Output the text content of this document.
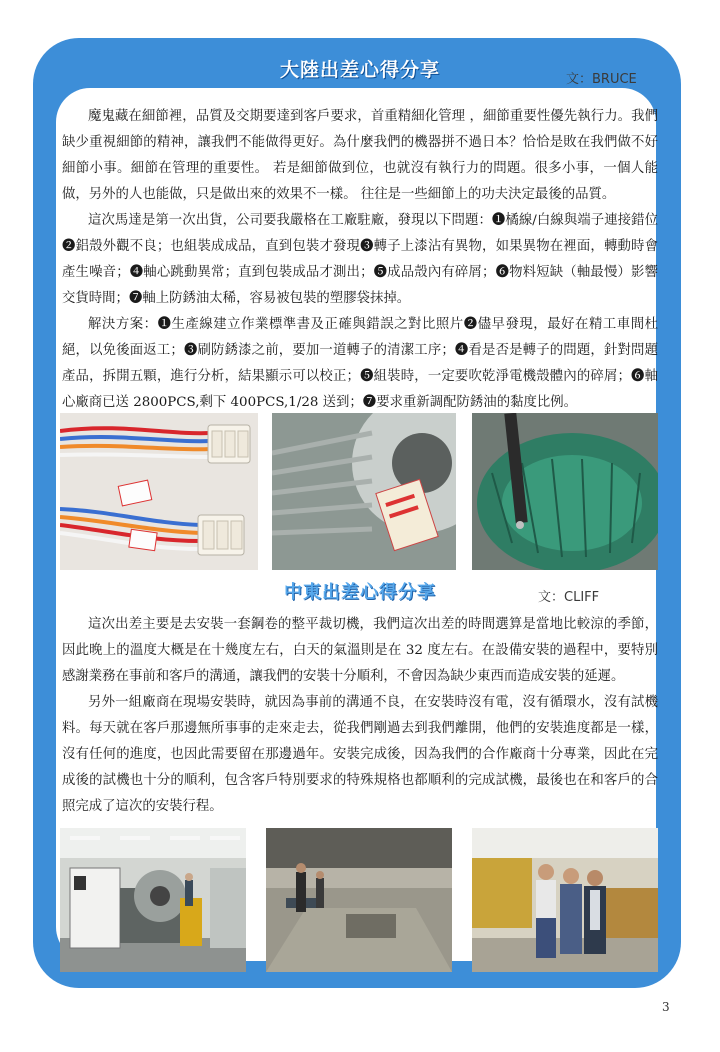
大陸出差心得分享	文：BRUCE

魔鬼藏在細節裡，品質及交期要達到客戶要求，首重精細化管理 ，細節重要性優先執行力。我們缺少重視細節的精神，讓我們不能做得更好。為什麼我們的機器拼不過日本？恰恰是敗在我們做不好細節小事。細節在管理的重要性。 若是細節做到位，也就沒有執行力的問題。很多小事，一個人能做，另外的人也能做，只是做出來的效果不一樣。 往往是一些細節上的功夫決定最後的品質。

這次馬達是第一次出貨，公司要我嚴格在工廠駐廠，發現以下問題：❶橘線/白線與端子連接錯位❷鋁殼外觀不良；也組裝成成品，直到包裝才發現❸轉子上漆沾有異物，如果異物在裡面，轉動時會產生噪音；❹軸心跳動異常；直到包裝成品才測出；❺成品殼內有碎屑；❻物料短缺（軸最慢）影響交貨時間；❼軸上防銹油太稀，容易被包裝的塑膠袋抹掉。

解決方案：❶生產線建立作業標準書及正確與錯誤之對比照片❷儘早發現，最好在精工車間杜絕，以免後面返工；❸刷防銹漆之前，要加一道轉子的清潔工序；❹看是否是轉子的問題，針對問題產品，拆開五顆，進行分析，結果顯示可以校正；❺組裝時，一定要吹乾淨電機殼體內的碎屑；❻軸心廠商已送 2800PCS,剩下 400PCS,1/28 送到；❼要求重新調配防銹油的黏度比例。

中東出差心得分享	文：CLIFF

這次出差主要是去安裝一套鋼卷的整平裁切機，我們這次出差的時間選算是當地比較涼的季節，因此晚上的溫度大概是在十幾度左右，白天的氣溫則是在 32 度左右。在設備安裝的過程中，要特別感謝業務在事前和客戶的溝通，讓我們的安裝十分順利，不會因為缺少東西而造成安裝的延遲。

另外一組廠商在現場安裝時，就因為事前的溝通不良，在安裝時沒有電，沒有循環水，沒有試機料。每天就在客戶那邊無所事事的走來走去，從我們剛過去到我們離開，他們的安裝進度都是一樣，沒有任何的進度，也因此需要留在那邊過年。安裝完成後，因為我們的合作廠商十分專業，因此在完成後的試機也十分的順利，包含客戶特別要求的特殊規格也都順利的完成試機，最後也在和客戶的合照完成了這次的安裝行程。

3
